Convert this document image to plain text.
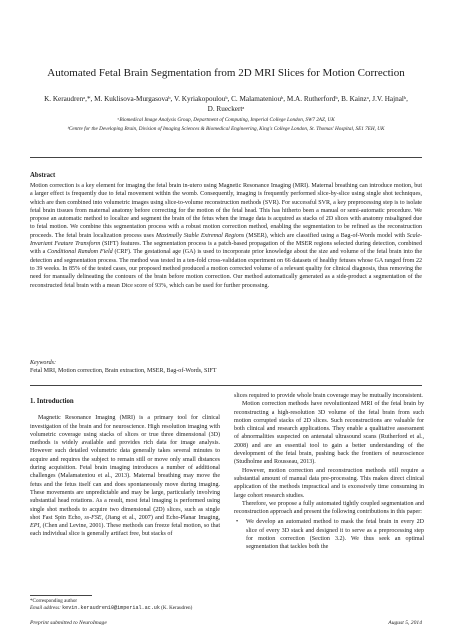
Automated Fetal Brain Segmentation from 2D MRI Slices for Motion Correction
K. Keraudrenᵃ,*, M. Kuklisova-Murgasovaᵇ, V. Kyriakopoulouᵇ, C. Malamateniouᵇ, M.A. Rutherfordᵇ, B. Kainzᵃ, J.V. Hajnalᵇ,
D. Rueckertᵃ
ᵃBiomedical Image Analysis Group, Department of Computing, Imperial College London, SW7 2AZ, UK
ᵇCentre for the Developing Brain, Division of Imaging Sciences & Biomedical Engineering, King's College London, St. Thomas' Hospital, SE1 7EH, UK
Abstract
Motion correction is a key element for imaging the fetal brain in-utero using Magnetic Resonance Imaging (MRI). Maternal breathing can introduce motion, but a larger effect is frequently due to fetal movement within the womb. Consequently, imaging is frequently performed slice-by-slice using single shot techniques, which are then combined into volumetric images using slice-to-volume reconstruction methods (SVR). For successful SVR, a key preprocessing step is to isolate fetal brain tissues from maternal anatomy before correcting for the motion of the fetal head. This has hitherto been a manual or semi-automatic procedure. We propose an automatic method to localize and segment the brain of the fetus when the image data is acquired as stacks of 2D slices with anatomy misaligned due to fetal motion. We combine this segmentation process with a robust motion correction method, enabling the segmentation to be refined as the reconstruction proceeds. The fetal brain localization process uses Maximally Stable Extremal Regions (MSER), which are classified using a Bag-of-Words model with Scale-Invariant Feature Transform (SIFT) features. The segmentation process is a patch-based propagation of the MSER regions selected during detection, combined with a Conditional Random Field (CRF). The gestational age (GA) is used to incorporate prior knowledge about the size and volume of the fetal brain into the detection and segmentation process. The method was tested in a ten-fold cross-validation experiment on 66 datasets of healthy fetuses whose GA ranged from 22 to 39 weeks. In 85% of the tested cases, our proposed method produced a motion corrected volume of a relevant quality for clinical diagnosis, thus removing the need for manually delineating the contours of the brain before motion correction. Our method automatically generated as a side-product a segmentation of the reconstructed fetal brain with a mean Dice score of 93%, which can be used for further processing.
Keywords:
Fetal MRI, Motion correction, Brain extraction, MSER, Bag-of-Words, SIFT
1. Introduction

Magnetic Resonance Imaging (MRI) is a primary tool for clinical investigation of the brain and for neuroscience. High resolution imaging with volumetric coverage using stacks of slices or true three dimensional (3D) methods is widely available and provides rich data for image analysis. However such detailed volumetric data generally takes several minutes to acquire and requires the subject to remain still or move only small distances during acquisition. Fetal brain imaging introduces a number of additional challenges (Malamateniou et al., 2013). Maternal breathing may move the fetus and the fetus itself can and does spontaneously move during imaging. These movements are unpredictable and may be large, particularly involving substantial head rotations. As a result, most fetal imaging is performed using single shot methods to acquire two dimensional (2D) slices, such as single shot Fast Spin Echo, ss-FSE, (Jiang et al., 2007) and Echo-Planar Imaging, EPI, (Chen and Levine, 2001). These methods can freeze fetal motion, so that each individual slice is generally artifact free, but stacks of

slices required to provide whole brain coverage may be mutually inconsistent.

Motion correction methods have revolutionized MRI of the fetal brain by reconstructing a high-resolution 3D volume of the fetal brain from such motion corrupted stacks of 2D slices. Such reconstructions are valuable for both clinical and research applications. They enable a qualitative assessment of abnormalities suspected on antenatal ultrasound scans (Rutherford et al., 2008) and are an essential tool to gain a better understanding of the development of the fetal brain, pushing back the frontiers of neuroscience (Studholme and Rousseau, 2013).

However, motion correction and reconstruction methods still require a substantial amount of manual data pre-processing. This makes direct clinical application of the methods impractical and is excessively time consuming in large cohort research studies.

Therefore, we propose a fully automated tightly coupled segmentation and reconstruction approach and present the following contributions in this paper:

• We develop an automated method to mask the fetal brain in every 2D slice of every 3D stack and designed it to serve as a preprocessing step for motion correction (Section 3.2). We thus seek an optimal segmentation that tackles both the
*Corresponding author
Email address: kevin.keraudren10@imperial.ac.uk (K. Keraudren)
Preprint submitted to NeuroImage	August 5, 2014
